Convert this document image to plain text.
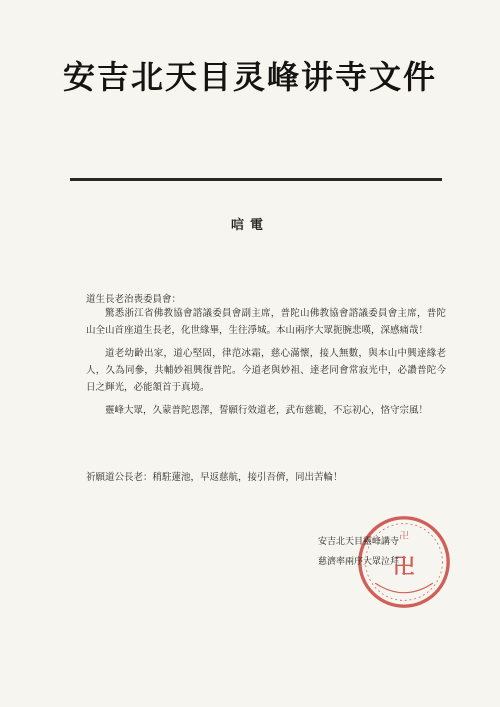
安吉北天目灵峰讲寺文件
唁電
道生長老治喪委員會：

驚悉浙江省佛教協會諮議委員會副主席，普陀山佛教協會諮議委員會主席，普陀山全山首座道生長老，化世緣畢，生往淨城。本山兩序大眾扼腕悲嘆，深感痛哉！

道老幼齡出家，道心堅固，律范冰霜，慈心滿懷，接人無數，與本山中興達緣老人，久為同參，共輔妙祖興復普陀。今道老與妙祖、達老同會常寂光中，必讚普陀今日之輝光，必能頷首于真境。

靈峰大眾，久蒙普陀恩澤，誓願行效道老，武布慈範，不忘初心，恪守宗風！

祈願道公長老：稍駐蓮池，早返慈航，接引吾儕，同出苦輪！
卍
卍
安吉北天目靈峰講寺
慈濟率兩序大眾泣拜
